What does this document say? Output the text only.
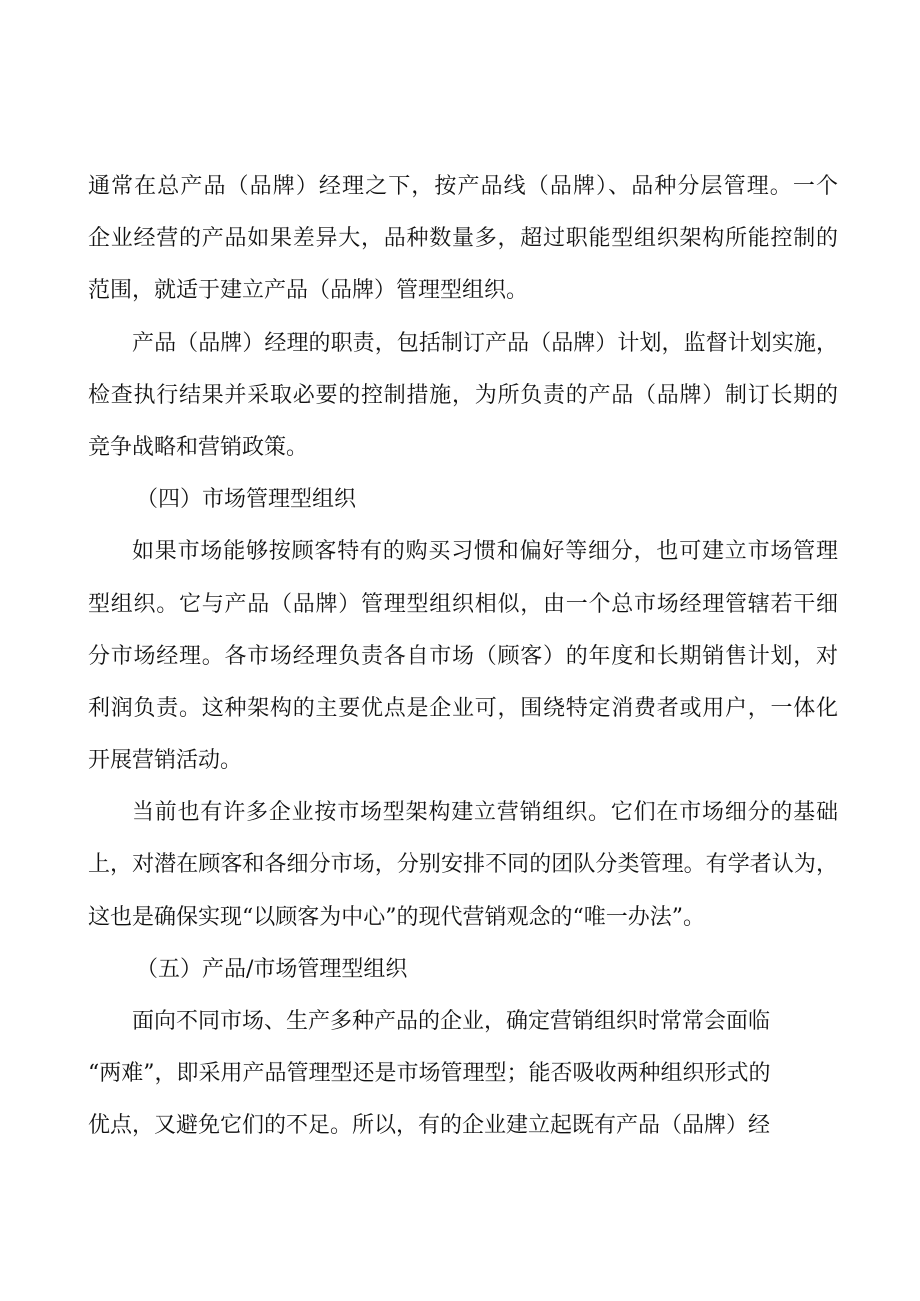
通常在总产品（品牌）经理之下，按产品线（品牌）、品种分层管理。一个
企业经营的产品如果差异大，品种数量多，超过职能型组织架构所能控制的
范围，就适于建立产品（品牌）管理型组织。
产品（品牌）经理的职责，包括制订产品（品牌）计划，监督计划实施，
检查执行结果并采取必要的控制措施，为所负责的产品（品牌）制订长期的
竞争战略和营销政策。
（四）市场管理型组织
如果市场能够按顾客特有的购买习惯和偏好等细分，也可建立市场管理
型组织。它与产品（品牌）管理型组织相似，由一个总市场经理管辖若干细
分市场经理。各市场经理负责各自市场（顾客）的年度和长期销售计划，对
利润负责。这种架构的主要优点是企业可，围绕特定消费者或用户，一体化
开展营销活动。
当前也有许多企业按市场型架构建立营销组织。它们在市场细分的基础
上，对潜在顾客和各细分市场，分别安排不同的团队分类管理。有学者认为，
这也是确保实现“以顾客为中心”的现代营销观念的“唯一办法”。
（五）产品/市场管理型组织
面向不同市场、生产多种产品的企业，确定营销组织时常常会面临
“两难”，即采用产品管理型还是市场管理型；能否吸收两种组织形式的
优点，又避免它们的不足。所以，有的企业建立起既有产品（品牌）经
